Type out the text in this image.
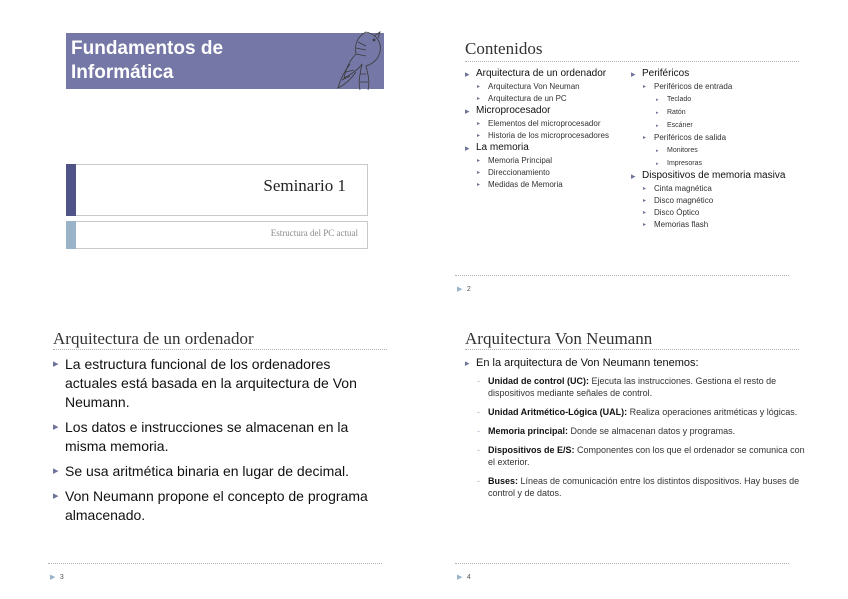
Fundamentos de
Informática
Seminario 1
Estructura del PC actual
Contenidos
▸ Arquitectura de un ordenador
▸ Arquitectura Von Neuman
▸ Arquitectura de un PC
▸ Microprocesador
▸ Elementos del microprocesador
▸ Historia de los microprocesadores
▸ La memoria
▸ Memoria Principal
▸ Direccionamiento
▸ Medidas de Memoria
▸ Periféricos
▸ Periféricos de entrada
▸ Teclado
▸ Ratón
▸ Escáner
▸ Periféricos de salida
▸ Monitores
▸ Impresoras
▸ Dispositivos de memoria masiva
▸ Cinta magnética
▸ Disco magnético
▸ Disco Óptico
▸ Memorias flash
▶ 2
Arquitectura de un ordenador
▸ La estructura funcional de los ordenadores actuales está basada en la arquitectura de Von Neumann.
▸ Los datos e instrucciones se almacenan en la misma memoria.
▸ Se usa aritmética binaria en lugar de decimal.
▸ Von Neumann propone el concepto de programa almacenado.
▶ 3
Arquitectura Von Neumann
▸ En la arquitectura de Von Neumann tenemos:
- Unidad de control (UC): Ejecuta las instrucciones. Gestiona el resto de dispositivos mediante señales de control.
- Unidad Aritmético-Lógica (UAL): Realiza operaciones aritméticas y lógicas.
- Memoria principal: Donde se almacenan datos y programas.
- Dispositivos de E/S: Componentes con los que el ordenador se comunica con el exterior.
- Buses: Líneas de comunicación entre los distintos dispositivos. Hay buses de control y de datos.
▶ 4
